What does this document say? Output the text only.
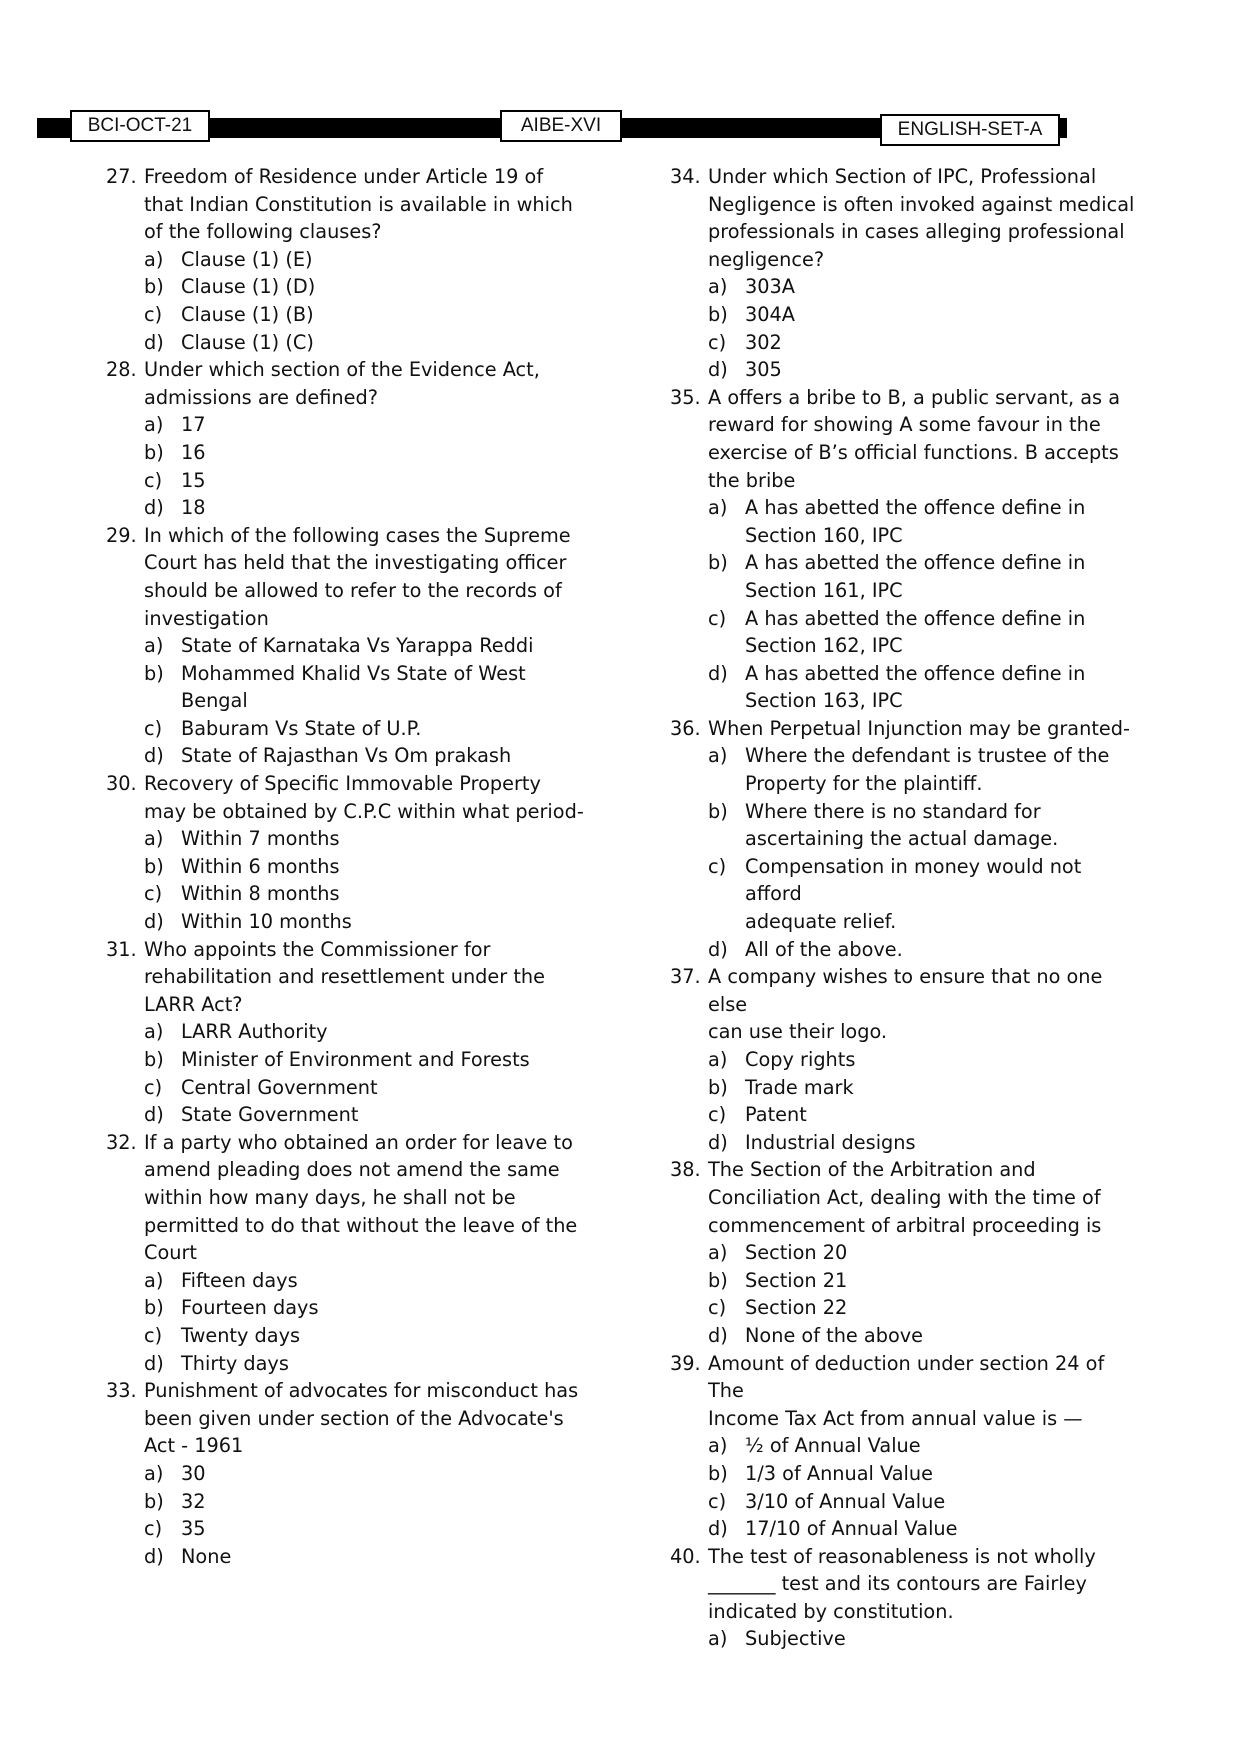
BCI-OCT-21	AIBE-XVI	ENGLISH-SET-A
27. Freedom of Residence under Article 19 of
that Indian Constitution is available in which
of the following clauses?
a) Clause (1) (E)
b) Clause (1) (D)
c) Clause (1) (B)
d) Clause (1) (C)
28. Under which section of the Evidence Act,
admissions are defined?
a) 17
b) 16
c) 15
d) 18
29. In which of the following cases the Supreme
Court has held that the investigating officer
should be allowed to refer to the records of
investigation
a) State of Karnataka Vs Yarappa Reddi
b) Mohammed Khalid Vs State of West
Bengal
c) Baburam Vs State of U.P.
d) State of Rajasthan Vs Om prakash
30. Recovery of Specific Immovable Property
may be obtained by C.P.C within what period-
a) Within 7 months
b) Within 6 months
c) Within 8 months
d) Within 10 months
31. Who appoints the Commissioner for
rehabilitation and resettlement under the
LARR Act?
a) LARR Authority
b) Minister of Environment and Forests
c) Central Government
d) State Government
32. If a party who obtained an order for leave to
amend pleading does not amend the same
within how many days, he shall not be
permitted to do that without the leave of the
Court
a) Fifteen days
b) Fourteen days
c) Twenty days
d) Thirty days
33. Punishment of advocates for misconduct has
been given under section of the Advocate's
Act - 1961
a) 30
b) 32
c) 35
d) None
34. Under which Section of IPC, Professional
Negligence is often invoked against medical
professionals in cases alleging professional
negligence?
a) 303A
b) 304A
c) 302
d) 305
35. A offers a bribe to B, a public servant, as a
reward for showing A some favour in the
exercise of B’s official functions. B accepts
the bribe
a) A has abetted the offence define in
Section 160, IPC
b) A has abetted the offence define in
Section 161, IPC
c) A has abetted the offence define in
Section 162, IPC
d) A has abetted the offence define in
Section 163, IPC
36. When Perpetual Injunction may be granted-
a) Where the defendant is trustee of the
Property for the plaintiff.
b) Where there is no standard for
ascertaining the actual damage.
c) Compensation in money would not afford
adequate relief.
d) All of the above.
37. A company wishes to ensure that no one else
can use their logo.
a) Copy rights
b) Trade mark
c) Patent
d) Industrial designs
38. The Section of the Arbitration and
Conciliation Act, dealing with the time of
commencement of arbitral proceeding is
a) Section 20
b) Section 21
c) Section 22
d) None of the above
39. Amount of deduction under section 24 of The
Income Tax Act from annual value is —
a) ½ of Annual Value
b) 1/3 of Annual Value
c) 3/10 of Annual Value
d) 17/10 of Annual Value
40. The test of reasonableness is not wholly
_______ test and its contours are Fairley
indicated by constitution.
a) Subjective
